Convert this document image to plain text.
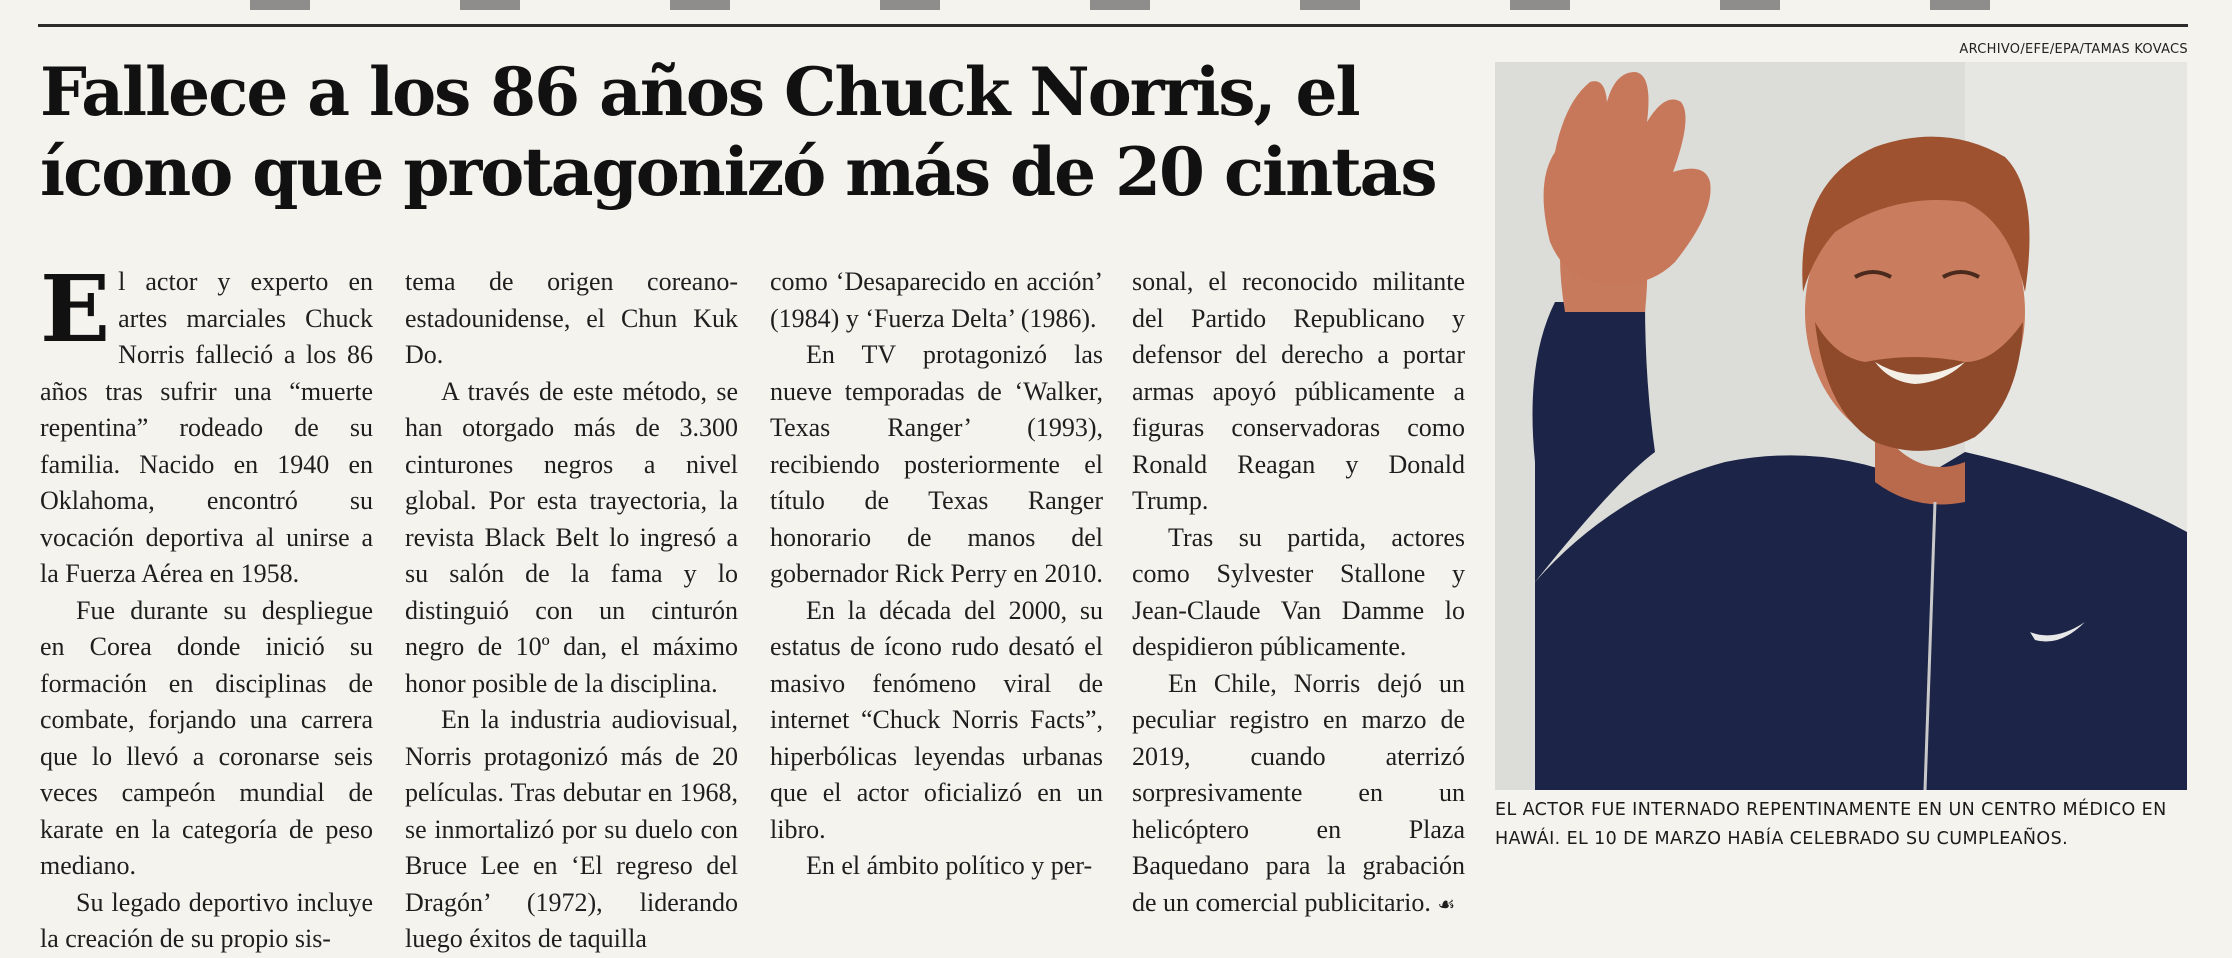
Fallece a los 86 años Chuck Norris, el ícono que protagonizó más de 20 cintas

El actor y experto en artes marciales Chuck Norris falleció a los 86 años tras sufrir una “muerte repentina” rodeado de su familia. Nacido en 1940 en Oklahoma, encontró su vocación deportiva al unirse a la Fuerza Aérea en 1958.

Fue durante su despliegue en Corea donde inició su formación en disciplinas de combate, forjando una carrera que lo llevó a coronarse seis veces campeón mundial de karate en la categoría de peso mediano.

Su legado deportivo incluye la creación de su propio sis-

tema de origen coreano-estadounidense, el Chun Kuk Do.

A través de este método, se han otorgado más de 3.300 cinturones negros a nivel global. Por esta trayectoria, la revista Black Belt lo ingresó a su salón de la fama y lo distinguió con un cinturón negro de 10º dan, el máximo honor posible de la disciplina.

En la industria audiovisual, Norris protagonizó más de 20 películas. Tras debutar en 1968, se inmortalizó por su duelo con Bruce Lee en ‘El regreso del Dragón’ (1972), liderando luego éxitos de taquilla

como ‘Desaparecido en acción’ (1984) y ‘Fuerza Delta’ (1986).

En TV protagonizó las nueve temporadas de ‘Walker, Texas Ranger’ (1993), recibiendo posteriormente el título de Texas Ranger honorario de manos del gobernador Rick Perry en 2010.

En la década del 2000, su estatus de ícono rudo desató el masivo fenómeno viral de internet “Chuck Norris Facts”, hiperbólicas leyendas urbanas que el actor oficializó en un libro.

En el ámbito político y per-

sonal, el reconocido militante del Partido Republicano y defensor del derecho a portar armas apoyó públicamente a figuras conservadoras como Ronald Reagan y Donald Trump.

Tras su partida, actores como Sylvester Stallone y Jean-Claude Van Damme lo despidieron públicamente.

En Chile, Norris dejó un peculiar registro en marzo de 2019, cuando aterrizó sorpresivamente en un helicóptero en Plaza Baquedano para la grabación de un comercial publicitario. ☙

ARCHIVO/EFE/EPA/TAMAS KOVACS

EL ACTOR FUE INTERNADO REPENTINAMENTE EN UN CENTRO MÉDICO EN HAWÁI. EL 10 DE MARZO HABÍA CELEBRADO SU CUMPLEAÑOS.
